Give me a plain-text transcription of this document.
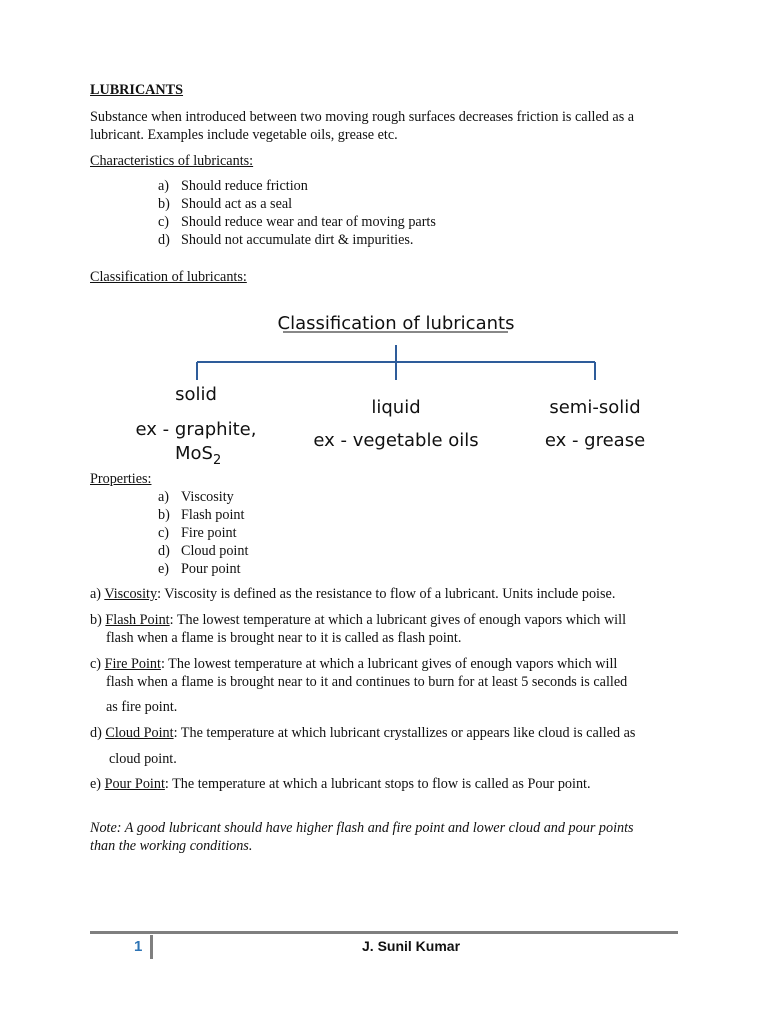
LUBRICANTS
Substance when introduced between two moving rough surfaces decreases friction is called as a
lubricant. Examples include vegetable oils, grease etc.
Characteristics of lubricants:
a) Should reduce friction
b) Should act as a seal
c) Should reduce wear and tear of moving parts
d) Should not accumulate dirt & impurities.
Classification of lubricants:
Classification of lubricants
solid
ex - graphite,
MoS$_2$
liquid
ex - vegetable oils
semi-solid
ex - grease
Properties:
a) Viscosity
b) Flash point
c) Fire point
d) Cloud point
e) Pour point
a) Viscosity: Viscosity is defined as the resistance to flow of a lubricant. Units include poise.
b) Flash Point: The lowest temperature at which a lubricant gives of enough vapors which will
flash when a flame is brought near to it is called as flash point.
c) Fire Point: The lowest temperature at which a lubricant gives of enough vapors which will
flash when a flame is brought near to it and continues to burn for at least 5 seconds is called
as fire point.
d) Cloud Point: The temperature at which lubricant crystallizes or appears like cloud is called as
cloud point.
e) Pour Point: The temperature at which a lubricant stops to flow is called as Pour point.
Note: A good lubricant should have higher flash and fire point and lower cloud and pour points
than the working conditions.
1	J. Sunil Kumar
